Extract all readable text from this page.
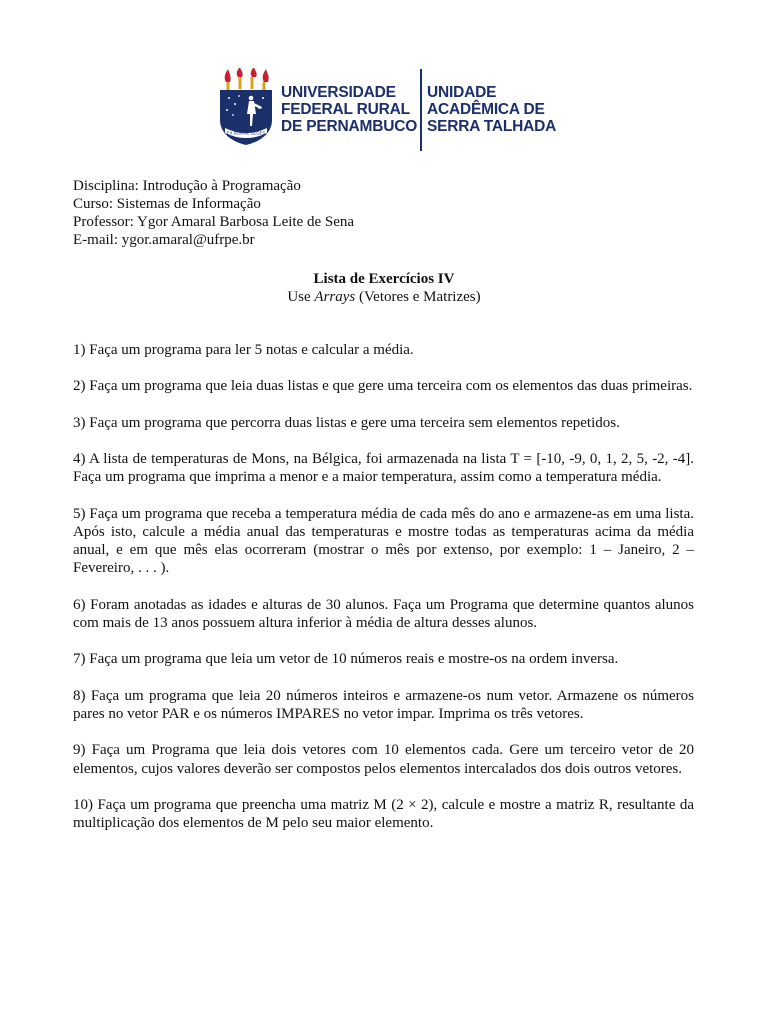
EX SEMINE SEGES
UNIVERSIDADE
FEDERAL RURAL
DE PERNAMBUCO
UNIDADE
ACADÊMICA DE
SERRA TALHADA
Disciplina: Introdução à Programação
Curso: Sistemas de Informação
Professor: Ygor Amaral Barbosa Leite de Sena
E-mail: ygor.amaral@ufrpe.br
Lista de Exercícios IV
Use Arrays (Vetores e Matrizes)

1) Faça um programa para ler 5 notas e calcular a média.

2) Faça um programa que leia duas listas e que gere uma terceira com os elementos das duas primeiras.

3) Faça um programa que percorra duas listas e gere uma terceira sem elementos repetidos.

4) A lista de temperaturas de Mons, na Bélgica, foi armazenada na lista T = [-10, -9, 0, 1, 2, 5, -2, -4]. Faça um programa que imprima a menor e a maior temperatura, assim como a temperatura média.

5) Faça um programa que receba a temperatura média de cada mês do ano e armazene-as em uma lista. Após isto, calcule a média anual das temperaturas e mostre todas as temperaturas acima da média anual, e em que mês elas ocorreram (mostrar o mês por extenso, por exemplo: 1 – Janeiro, 2 – Fevereiro, . . . ).

6) Foram anotadas as idades e alturas de 30 alunos. Faça um Programa que determine quantos alunos com mais de 13 anos possuem altura inferior à média de altura desses alunos.

7) Faça um programa que leia um vetor de 10 números reais e mostre-os na ordem inversa.

8) Faça um programa que leia 20 números inteiros e armazene-os num vetor. Armazene os números pares no vetor PAR e os números IMPARES no vetor impar. Imprima os três vetores.

9) Faça um Programa que leia dois vetores com 10 elementos cada. Gere um terceiro vetor de 20 elementos, cujos valores deverão ser compostos pelos elementos intercalados dos dois outros vetores.

10) Faça um programa que preencha uma matriz M (2 × 2), calcule e mostre a matriz R, resultante da multiplicação dos elementos de M pelo seu maior elemento.
